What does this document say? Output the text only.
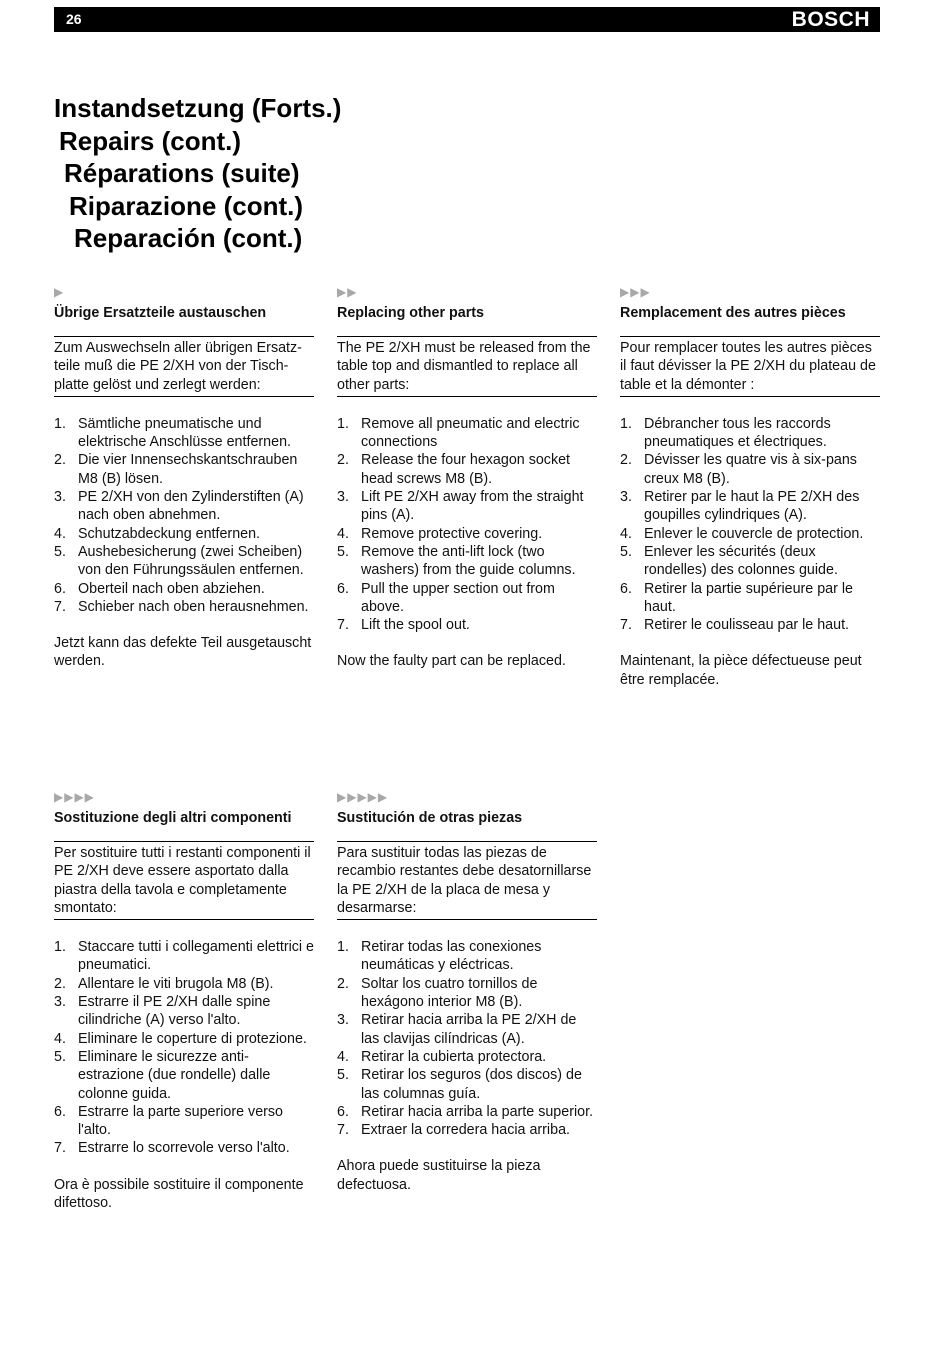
26	BOSCH
Instandsetzung (Forts.)
Repairs (cont.)
Réparations (suite)
Riparazione (cont.)
Reparación (cont.)
▶
Übrige Ersatzteile austauschen
Zum Auswechseln aller übrigen Ersatz-teile muß die PE 2/XH von der Tisch-platte gelöst und zerlegt werden:
1. Sämtliche pneumatische und elektrische Anschlüsse entfernen.
2. Die vier Innensechskantschrauben M8 (B) lösen.
3. PE 2/XH von den Zylinderstiften (A) nach oben abnehmen.
4. Schutzabdeckung entfernen.
5. Aushebesicherung (zwei Scheiben) von den Führungssäulen entfernen.
6. Oberteil nach oben abziehen.
7. Schieber nach oben herausnehmen.
Jetzt kann das defekte Teil ausgetauscht werden.
▶▶
Replacing other parts
The PE 2/XH must be released from the table top and dismantled to replace all other parts:
1. Remove all pneumatic and electric connections
2. Release the four hexagon socket head screws M8 (B).
3. Lift PE 2/XH away from the straight pins (A).
4. Remove protective covering.
5. Remove the anti-lift lock (two washers) from the guide columns.
6. Pull the upper section out from above.
7. Lift the spool out.
Now the faulty part can be replaced.
▶▶▶
Remplacement des autres pièces
Pour remplacer toutes les autres pièces il faut dévisser la PE 2/XH du plateau de table et la démonter :
1. Débrancher tous les raccords pneumatiques et électriques.
2. Dévisser les quatre vis à six-pans creux M8 (B).
3. Retirer par le haut la PE 2/XH des goupilles cylindriques (A).
4. Enlever le couvercle de protection.
5. Enlever les sécurités (deux rondelles) des colonnes guide.
6. Retirer la partie supérieure par le haut.
7. Retirer le coulisseau par le haut.
Maintenant, la pièce défectueuse peut être remplacée.
▶▶▶▶
Sostituzione degli altri componenti
Per sostituire tutti i restanti componenti il PE 2/XH deve essere asportato dalla piastra della tavola e completamente smontato:
1. Staccare tutti i collegamenti elettrici e pneumatici.
2. Allentare le viti brugola M8 (B).
3. Estrarre il PE 2/XH dalle spine cilindriche (A) verso l'alto.
4. Eliminare le coperture di protezione.
5. Eliminare le sicurezze anti-estrazione (due rondelle) dalle colonne guida.
6. Estrarre la parte superiore verso l'alto.
7. Estrarre lo scorrevole verso l'alto.
Ora è possibile sostituire il componente difettoso.
▶▶▶▶▶
Sustitución de otras piezas
Para sustituir todas las piezas de recambio restantes debe desatornillarse la PE 2/XH de la placa de mesa y desarmarse:
1. Retirar todas las conexiones neumáticas y eléctricas.
2. Soltar los cuatro tornillos de hexágono interior M8 (B).
3. Retirar hacia arriba la PE 2/XH de las clavijas cilíndricas (A).
4. Retirar la cubierta protectora.
5. Retirar los seguros (dos discos) de las columnas guía.
6. Retirar hacia arriba la parte superior.
7. Extraer la corredera hacia arriba.
Ahora puede sustituirse la pieza defectuosa.
